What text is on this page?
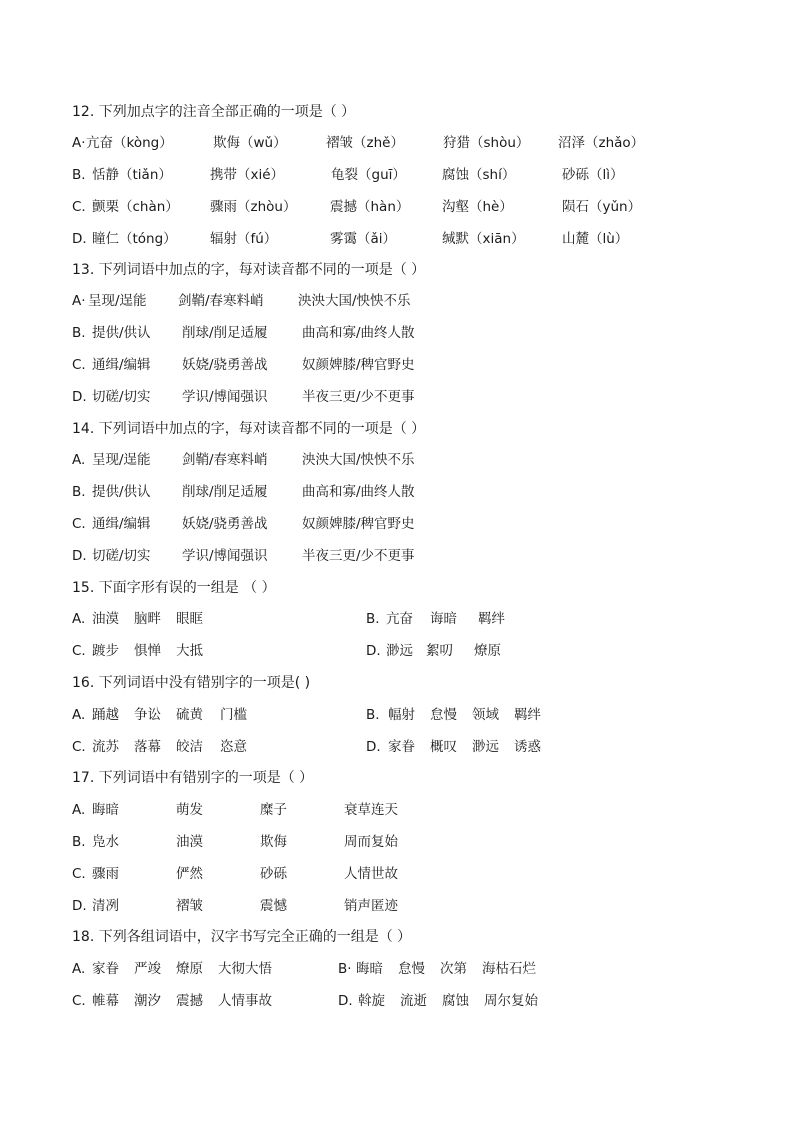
12. 下列加点字的注音全部正确的一项是（ ）
A· 亢奋（kòng）	欺侮（wǔ）	褶皱（zhě）	狩猎（shòu） 沼泽（zhǎo）
B. 恬静（tiǎn）	携带（xié）	龟裂（guī）	腐蚀（shí）	砂砾（lì）
C. 颤栗（chàn） 骤雨（zhòu） 震撼（hàn） 沟壑（hè）	陨石（yǔn）
D. 瞳仁（tóng） 辐射（fú）	雾霭（ǎi）	缄默（xiān）	山麓（lù）
13. 下列词语中加点的字，每对读音都不同的一项是（ ）
A· 呈现/逞能 剑鞘/春寒料峭	泱泱大国/怏怏不乐
B. 提供/供认 削球/削足适履	曲高和寡/曲终人散
C. 通缉/编辑 妖娆/骁勇善战	奴颜婢膝/稗官野史
D. 切磋/切实 学识/博闻强识	半夜三更/少不更事
14. 下列词语中加点的字，每对读音都不同的一项是（ ）
A. 呈现/逞能 剑鞘/春寒料峭	泱泱大国/怏怏不乐
B. 提供/供认 削球/削足适履	曲高和寡/曲终人散
C. 通缉/编辑 妖娆/骁勇善战	奴颜婢膝/稗官野史
D. 切磋/切实 学识/博闻强识	半夜三更/少不更事
15. 下面字形有误的一组是 （ ）
A. 油漠 脑畔 眼眶	B. 亢奋 诲暗 羁绊
C. 踱步 惧惮 大抵	D. 渺远 絮叨 燎原
16. 下列词语中没有错别字的一项是( )
A. 踊越 争讼 硫黄 门槛	B. 幅射 怠慢 领域 羁绊
C. 流苏 落幕 皎洁 恣意	D. 家眷 概叹 渺远 诱惑
17. 下列词语中有错别字的一项是（ ）
A. 晦暗	萌发	糜子	衰草连天
B. 凫水	油漠	欺侮	周而复始
C. 骤雨	俨然	砂砾	人情世故
D. 清冽	褶皱	震憾	销声匿迹
18. 下列各组词语中，汉字书写完全正确的一组是（ ）
A. 家眷 严竣 燎原 大彻大悟	B· 晦暗 怠慢 次第 海枯石烂
C. 帷幕 潮汐 震撼 人情事故	D. 斡旋 流逝 腐蚀 周尔复始
